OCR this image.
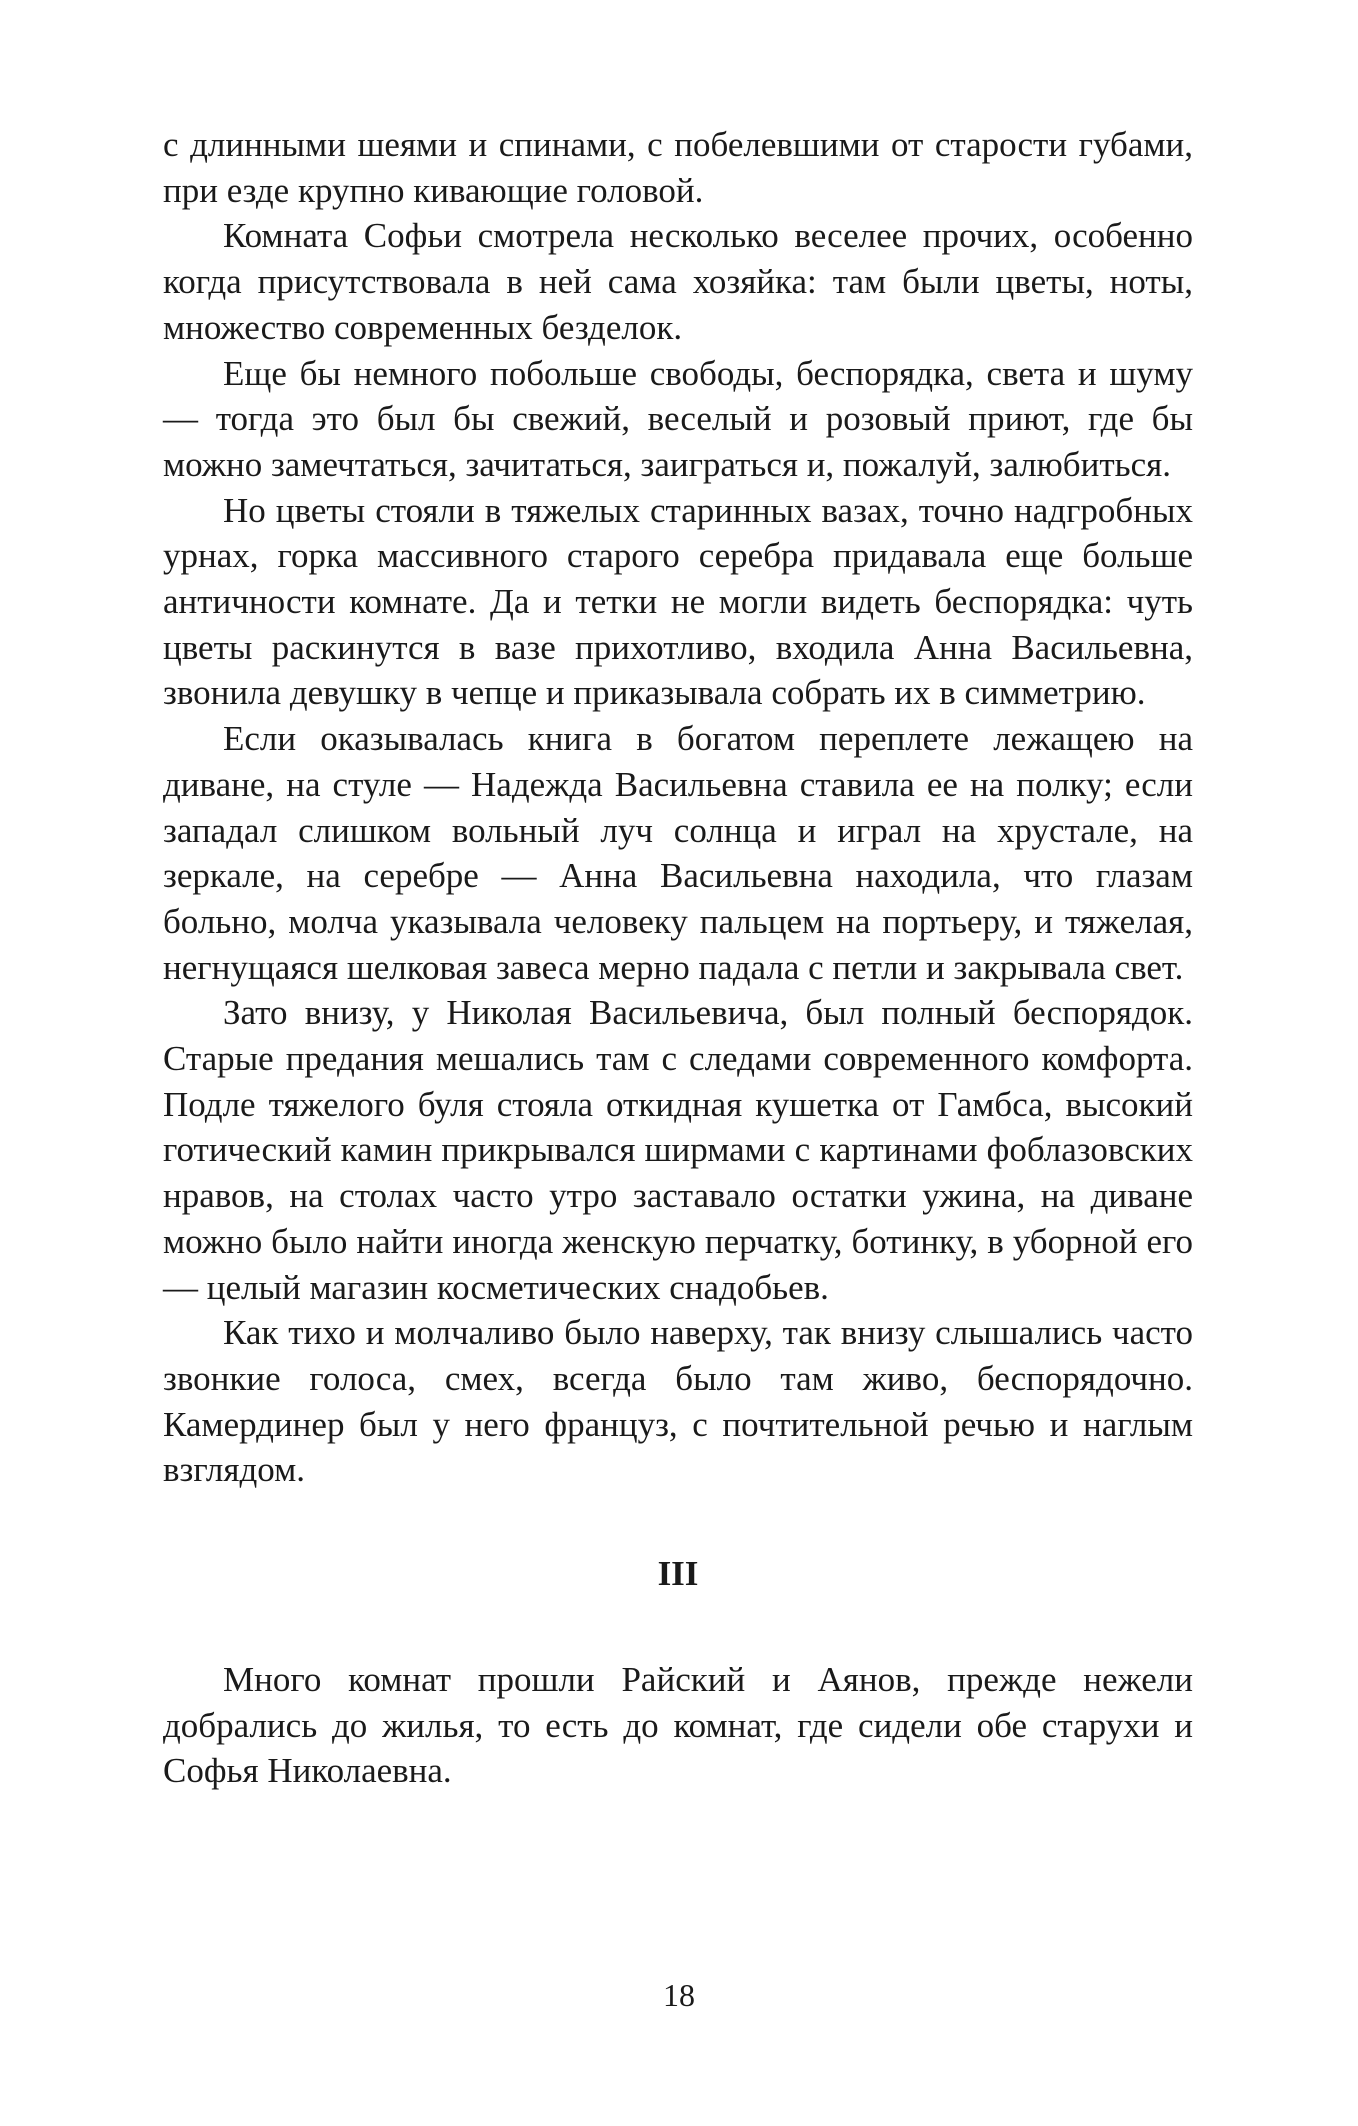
с длинными шеями и спинами, с побелевшими от старости губами, при езде крупно кивающие головой.

Комната Софьи смотрела несколько веселее прочих, особенно когда присутствовала в ней сама хозяйка: там были цветы, ноты, множество современных безделок.

Еще бы немного побольше свободы, беспорядка, света и шуму — тогда это был бы свежий, веселый и розовый приют, где бы можно замечтаться, зачитаться, заиграться и, пожалуй, залюбиться.

Но цветы стояли в тяжелых старинных вазах, точно надгробных урнах, горка массивного старого серебра придавала еще больше античности комнате. Да и тетки не могли видеть беспорядка: чуть цветы раскинутся в вазе прихотливо, входила Анна Васильевна, звонила девушку в чепце и приказывала собрать их в симметрию.

Если оказывалась книга в богатом переплете лежащею на диване, на стуле — Надежда Васильевна ставила ее на полку; если западал слишком вольный луч солнца и играл на хрустале, на зеркале, на серебре — Анна Васильевна находила, что глазам больно, молча указывала человеку пальцем на портьеру, и тяжелая, негнущаяся шелковая завеса мерно падала с петли и закрывала свет.

Зато внизу, у Николая Васильевича, был полный беспорядок. Старые предания мешались там с следами современного комфорта. Подле тяжелого буля стояла откидная кушетка от Гамбса, высокий готический камин прикрывался ширмами с картинами фоблазовских нравов, на столах часто утро заставало остатки ужина, на диване можно было найти иногда женскую перчатку, ботинку, в уборной его — целый магазин косметических снадобьев.

Как тихо и молчаливо было наверху, так внизу слышались часто звонкие голоса, смех, всегда было там живо, беспорядочно. Камердинер был у него француз, с почтительной речью и наглым взглядом.

III

Много комнат прошли Райский и Аянов, прежде нежели добрались до жилья, то есть до комнат, где сидели обе старухи и Софья Николаевна.

18
